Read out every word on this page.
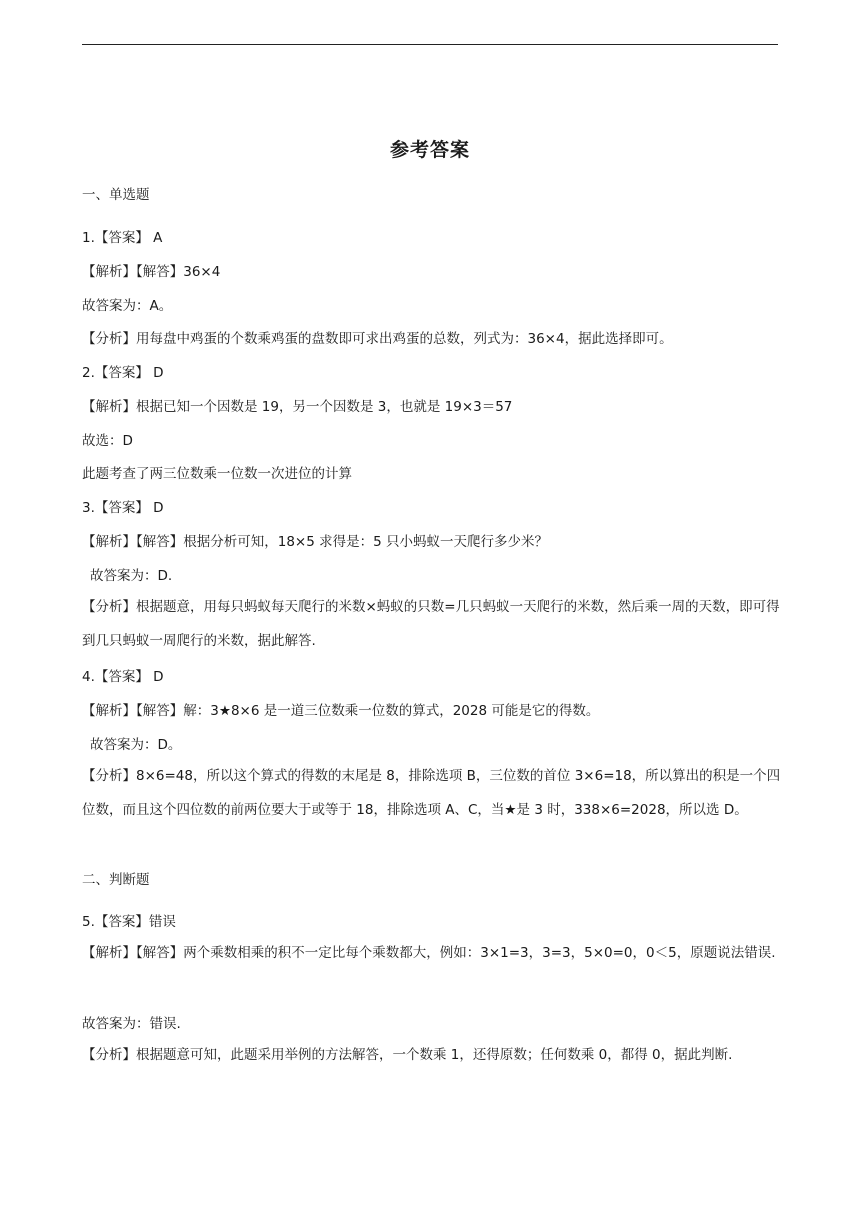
参考答案
一、单选题
1.【答案】 A
【解析】【解答】36×4
故答案为：A。
【分析】用每盘中鸡蛋的个数乘鸡蛋的盘数即可求出鸡蛋的总数，列式为：36×4，据此选择即可。
2.【答案】 D
【解析】根据已知一个因数是 19，另一个因数是 3，也就是 19×3＝57
故选：D
此题考查了两三位数乘一位数一次进位的计算
3.【答案】 D
【解析】【解答】根据分析可知，18×5 求得是：5 只小蚂蚁一天爬行多少米？
故答案为：D.
【分析】根据题意，用每只蚂蚁每天爬行的米数×蚂蚁的只数=几只蚂蚁一天爬行的米数，然后乘一周的天数，即可得到几只蚂蚁一周爬行的米数，据此解答.
4.【答案】 D
【解析】【解答】解：3★8×6 是一道三位数乘一位数的算式，2028 可能是它的得数。
故答案为：D。
【分析】8×6=48，所以这个算式的得数的末尾是 8，排除选项 B，三位数的首位 3×6=18，所以算出的积是一个四位数，而且这个四位数的前两位要大于或等于 18，排除选项 A、C，当★是 3 时，338×6=2028，所以选 D。
二、判断题
5.【答案】错误
【解析】【解答】两个乘数相乘的积不一定比每个乘数都大，例如：3×1=3，3=3，5×0=0，0＜5，原题说法错误.
故答案为：错误.
【分析】根据题意可知，此题采用举例的方法解答，一个数乘 1，还得原数；任何数乘 0，都得 0，据此判断.
